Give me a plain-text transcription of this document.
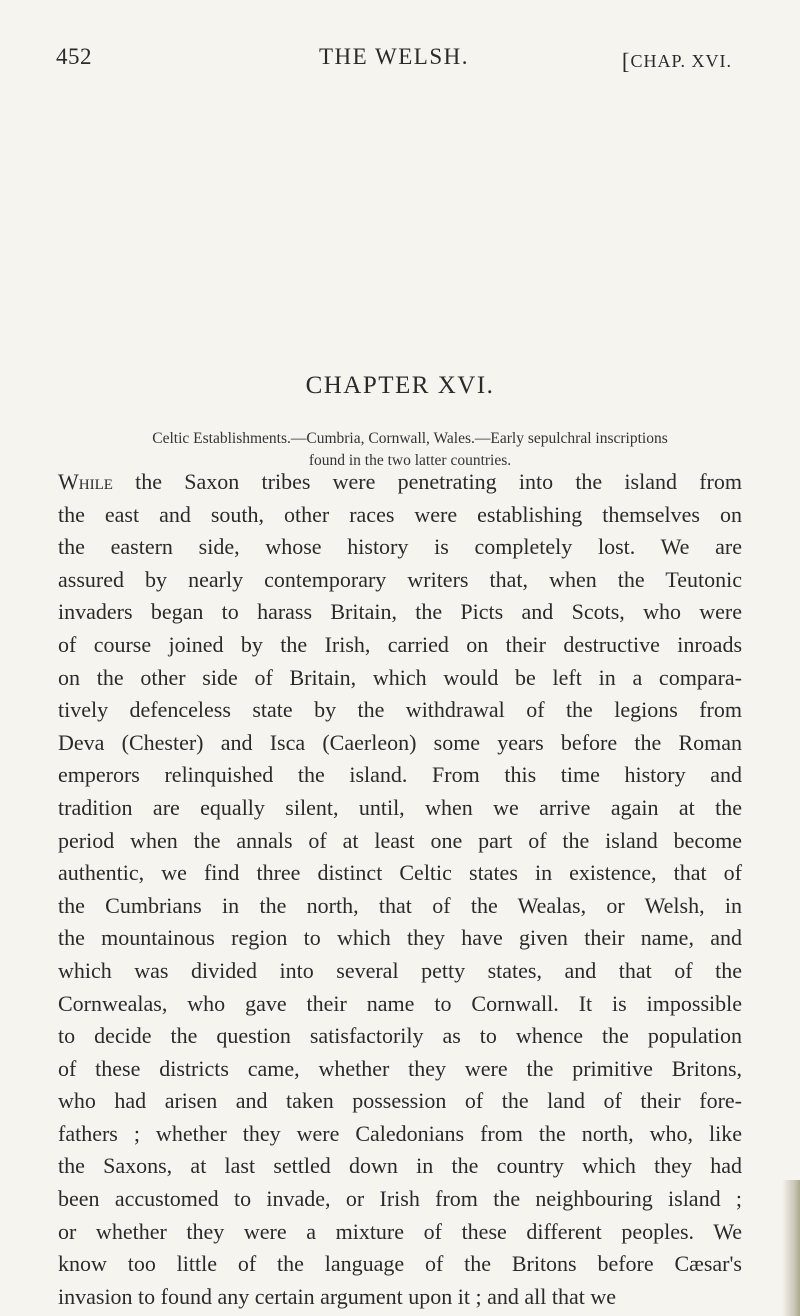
452	THE WELSH.	[CHAP. XVI.
CHAPTER XVI.
Celtic Establishments.—Cumbria, Cornwall, Wales.—Early sepulchral inscriptions
found in the two latter countries.
While the Saxon tribes were penetrating into the island from
the east and south, other races were establishing themselves on
the eastern side, whose history is completely lost. We are
assured by nearly contemporary writers that, when the Teutonic
invaders began to harass Britain, the Picts and Scots, who were
of course joined by the Irish, carried on their destructive inroads
on the other side of Britain, which would be left in a compara-
tively defenceless state by the withdrawal of the legions from
Deva (Chester) and Isca (Caerleon) some years before the Roman
emperors relinquished the island. From this time history and
tradition are equally silent, until, when we arrive again at the
period when the annals of at least one part of the island become
authentic, we find three distinct Celtic states in existence, that of
the Cumbrians in the north, that of the Wealas, or Welsh, in
the mountainous region to which they have given their name, and
which was divided into several petty states, and that of the
Cornwealas, who gave their name to Cornwall. It is impossible
to decide the question satisfactorily as to whence the population
of these districts came, whether they were the primitive Britons,
who had arisen and taken possession of the land of their fore-
fathers ; whether they were Caledonians from the north, who, like
the Saxons, at last settled down in the country which they had
been accustomed to invade, or Irish from the neighbouring island ;
or whether they were a mixture of these different peoples. We
know too little of the language of the Britons before Cæsar's
invasion to found any certain argument upon it ; and all that we
